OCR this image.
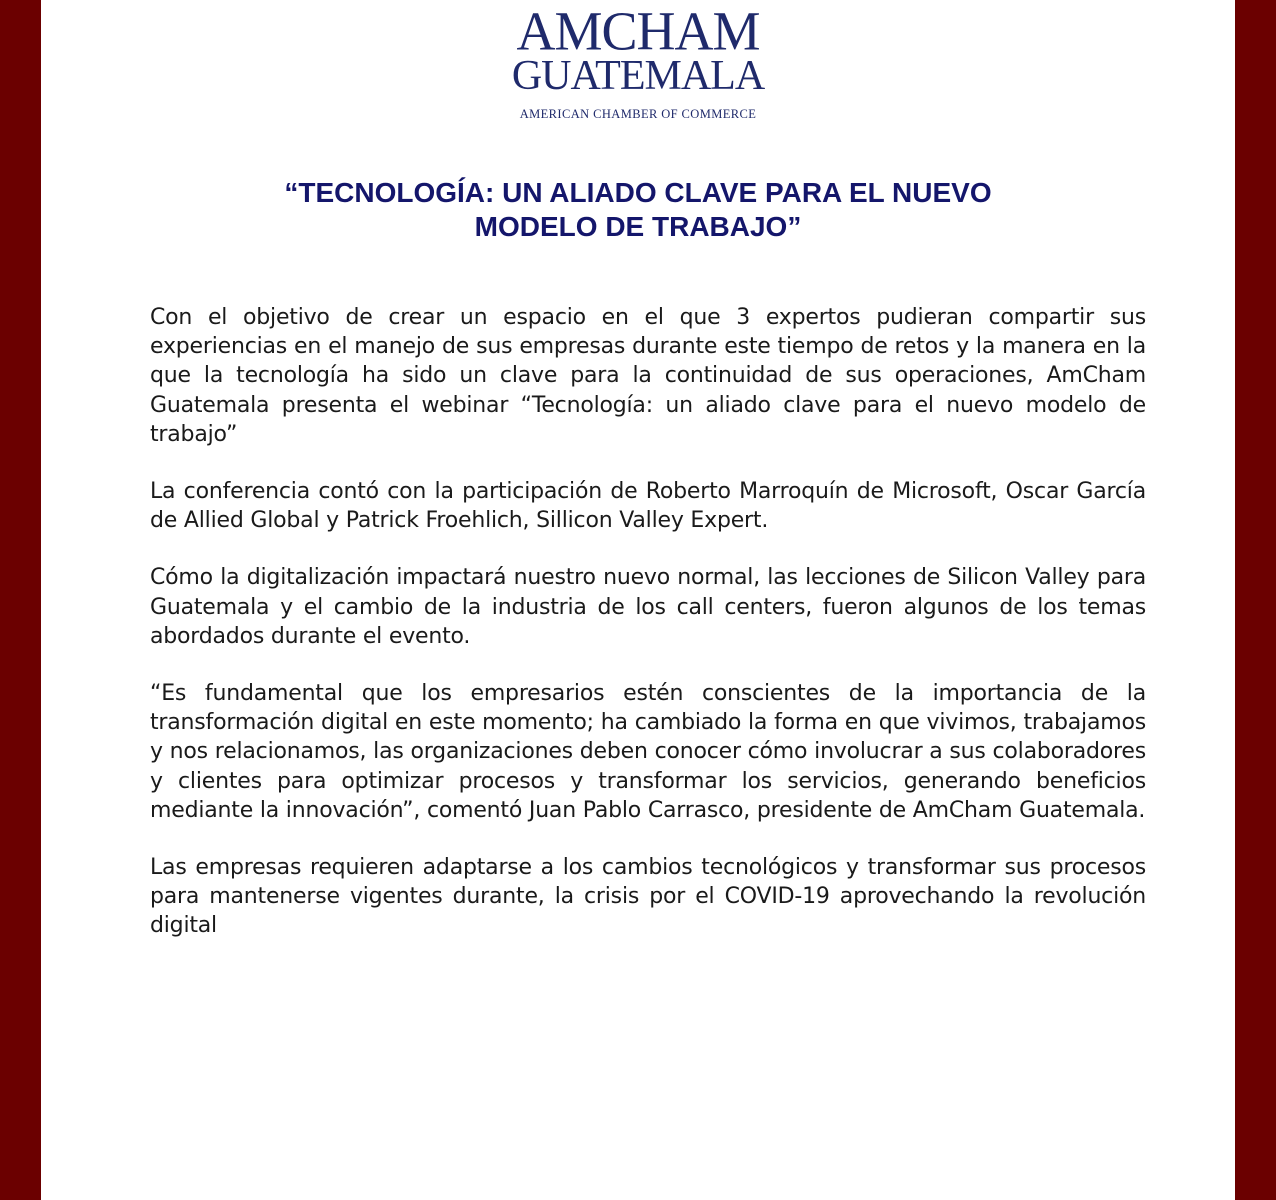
AMCHAM
GUATEMALA
AMERICAN CHAMBER OF COMMERCE
“TECNOLOGÍA: UN ALIADO CLAVE PARA EL NUEVO
MODELO DE TRABAJO”

Con el objetivo de crear un espacio en el que 3 expertos pudieran compartir sus experiencias en el manejo de sus empresas durante este tiempo de retos y la manera en la que la tecnología ha sido un clave para la continuidad de sus operaciones, AmCham Guatemala presenta el webinar “Tecnología: un aliado clave para el nuevo modelo de trabajo”

La conferencia contó con la participación de Roberto Marroquín de Microsoft, Oscar García de Allied Global y Patrick Froehlich, Sillicon Valley Expert.

Cómo la digitalización impactará nuestro nuevo normal, las lecciones de Silicon Valley para Guatemala y el cambio de la industria de los call centers, fueron algunos de los temas abordados durante el evento.

“Es fundamental que los empresarios estén conscientes de la importancia de la transformación digital en este momento; ha cambiado la forma en que vivimos, trabajamos y nos relacionamos, las organizaciones deben conocer cómo involucrar a sus colaboradores y clientes para optimizar procesos y transformar los servicios, generando beneficios mediante la innovación”, comentó Juan Pablo Carrasco, presidente de AmCham Guatemala.

Las empresas requieren adaptarse a los cambios tecnológicos y transformar sus procesos para mantenerse vigentes durante, la crisis por el COVID-19 aprovechando la revolución digital
